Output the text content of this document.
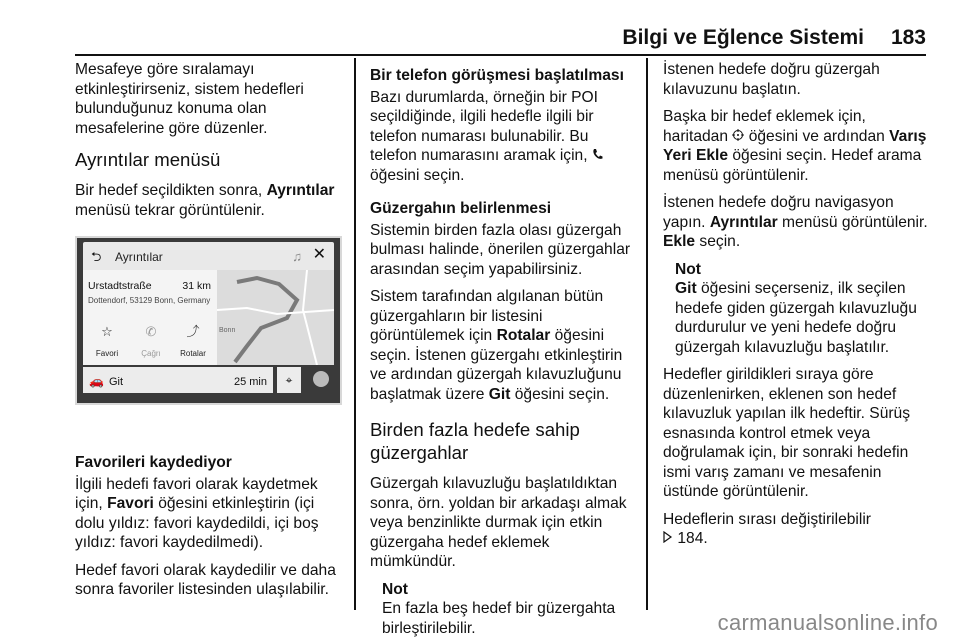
Bilgi ve Eğlence Sistemi 183

Mesafeye göre sıralamayı etkinleştirirseniz, sistem hedefleri bulunduğunuz konuma olan mesafelerine göre düzenler.

Ayrıntılar menüsü

Bir hedef seçildikten sonra, Ayrıntılar menüsü tekrar görüntülenir.

⮌ Ayrıntılar	♫ ✕
Urstadtstraße	31 km
Dottendorf, 53129 Bonn, Germany
☆
Favori
✆
Çağrı
⤴
Rotalar
Bonn
🚗 Git	25 min	⌖
Favorileri kaydediyor

İlgili hedefi favori olarak kaydetmek için, Favori öğesini etkinleştirin (içi dolu yıldız: favori kaydedildi, içi boş yıldız: favori kaydedilmedi).

Hedef favori olarak kaydedilir ve daha sonra favoriler listesinden ulaşılabilir.

Bir telefon görüşmesi başlatılması

Bazı durumlarda, örneğin bir POI seçildiğinde, ilgili hedefle ilgili bir telefon numarası bulunabilir. Bu telefon numarasını aramak için,  öğesini seçin.

Güzergahın belirlenmesi

Sistemin birden fazla olası güzergah bulması halinde, önerilen güzergahlar arasından seçim yapabilirsiniz.

Sistem tarafından algılanan bütün güzergahların bir listesini görüntülemek için Rotalar öğesini seçin. İstenen güzergahı etkinleştirin ve ardından güzergah kılavuzluğunu başlatmak üzere Git öğesini seçin.

Birden fazla hedefe sahip güzergahlar

Güzergah kılavuzluğu başlatıldıktan sonra, örn. yoldan bir arkadaşı almak veya benzinlikte durmak için etkin güzergaha hedef eklemek mümkündür.

Not
En fazla beş hedef bir güzergahta birleştirilebilir.

İstenen hedefe doğru güzergah kılavuzunu başlatın.

Başka bir hedef eklemek için, haritadan  öğesini ve ardından Varış Yeri Ekle öğesini seçin. Hedef arama menüsü görüntülenir.

İstenen hedefe doğru navigasyon yapın. Ayrıntılar menüsü görüntülenir. Ekle seçin.

Not
Git öğesini seçerseniz, ilk seçilen hedefe giden güzergah kılavuzluğu durdurulur ve yeni hedefe doğru güzergah kılavuzluğu başlatılır.

Hedefler girildikleri sıraya göre düzenlenirken, eklenen son hedef kılavuzluk yapılan ilk hedeftir. Sürüş esnasında kontrol etmek veya doğrulamak için, bir sonraki hedefin ismi varış zamanı ve mesafenin üstünde görüntülenir.

Hedeflerin sırası değiştirilebilir
184.

carmanualsonline.info
